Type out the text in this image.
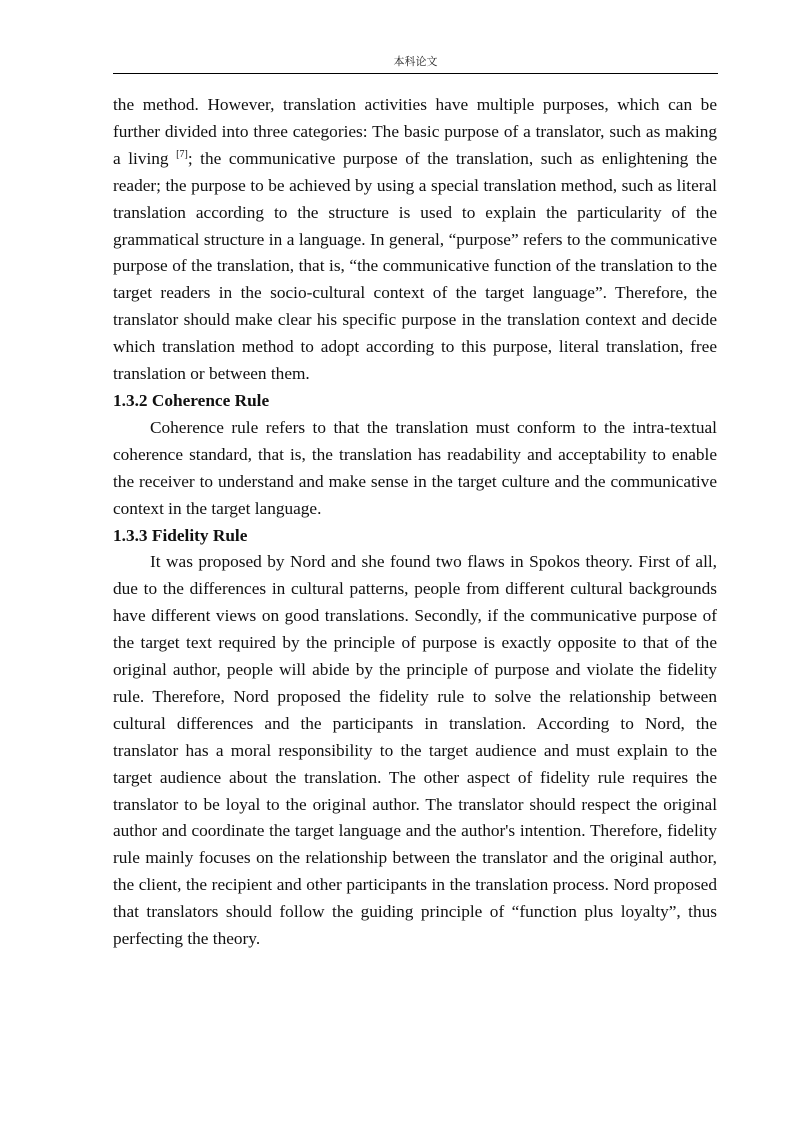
本科论文

the method. However, translation activities have multiple purposes, which can be further divided into three categories: The basic purpose of a translator, such as making a living [7]; the communicative purpose of the translation, such as enlightening the reader; the purpose to be achieved by using a special translation method, such as literal translation according to the structure is used to explain the particularity of the grammatical structure in a language. In general, “purpose” refers to the communicative purpose of the translation, that is, “the communicative function of the translation to the target readers in the socio-cultural context of the target language”. Therefore, the translator should make clear his specific purpose in the translation context and decide which translation method to adopt according to this purpose, literal translation, free translation or between them.

1.3.2 Coherence Rule

Coherence rule refers to that the translation must conform to the intra-textual coherence standard, that is, the translation has readability and acceptability to enable the receiver to understand and make sense in the target culture and the communicative context in the target language.

1.3.3 Fidelity Rule

It was proposed by Nord and she found two flaws in Spokos theory. First of all, due to the differences in cultural patterns, people from different cultural backgrounds have different views on good translations. Secondly, if the communicative purpose of the target text required by the principle of purpose is exactly opposite to that of the original author, people will abide by the principle of purpose and violate the fidelity rule. Therefore, Nord proposed the fidelity rule to solve the relationship between cultural differences and the participants in translation. According to Nord, the translator has a moral responsibility to the target audience and must explain to the target audience about the translation. The other aspect of fidelity rule requires the translator to be loyal to the original author. The translator should respect the original author and coordinate the target language and the author's intention. Therefore, fidelity rule mainly focuses on the relationship between the translator and the original author, the client, the recipient and other participants in the translation process. Nord proposed that translators should follow the guiding principle of “function plus loyalty”, thus perfecting the theory.
